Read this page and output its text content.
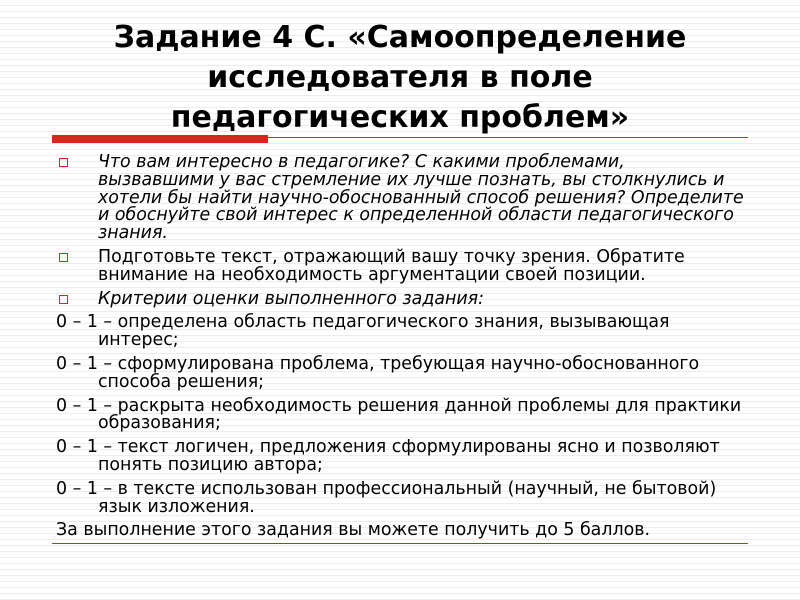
Задание 4 С. «Самоопределение
исследователя в поле
педагогических проблем»
Что вам интересно в педагогике? С какими проблемами, вызвавшими у вас стремление их лучше познать, вы столкнулись и хотели бы найти научно-обоснованный способ решения? Определите и обоснуйте свой интерес к определенной области педагогического знания.
Подготовьте текст, отражающий вашу точку зрения. Обратите внимание на необходимость аргументации своей позиции.
Критерии оценки выполненного задания:
0 – 1 – определена область педагогического знания, вызывающая интерес;
0 – 1 – сформулирована проблема, требующая научно-обоснованного способа решения;
0 – 1 – раскрыта необходимость решения данной проблемы для практики образования;
0 – 1 – текст логичен, предложения сформулированы ясно и позволяют понять позицию автора;
0 – 1 – в тексте использован профессиональный (научный, не бытовой) язык изложения.
За выполнение этого задания вы можете получить до 5 баллов.
